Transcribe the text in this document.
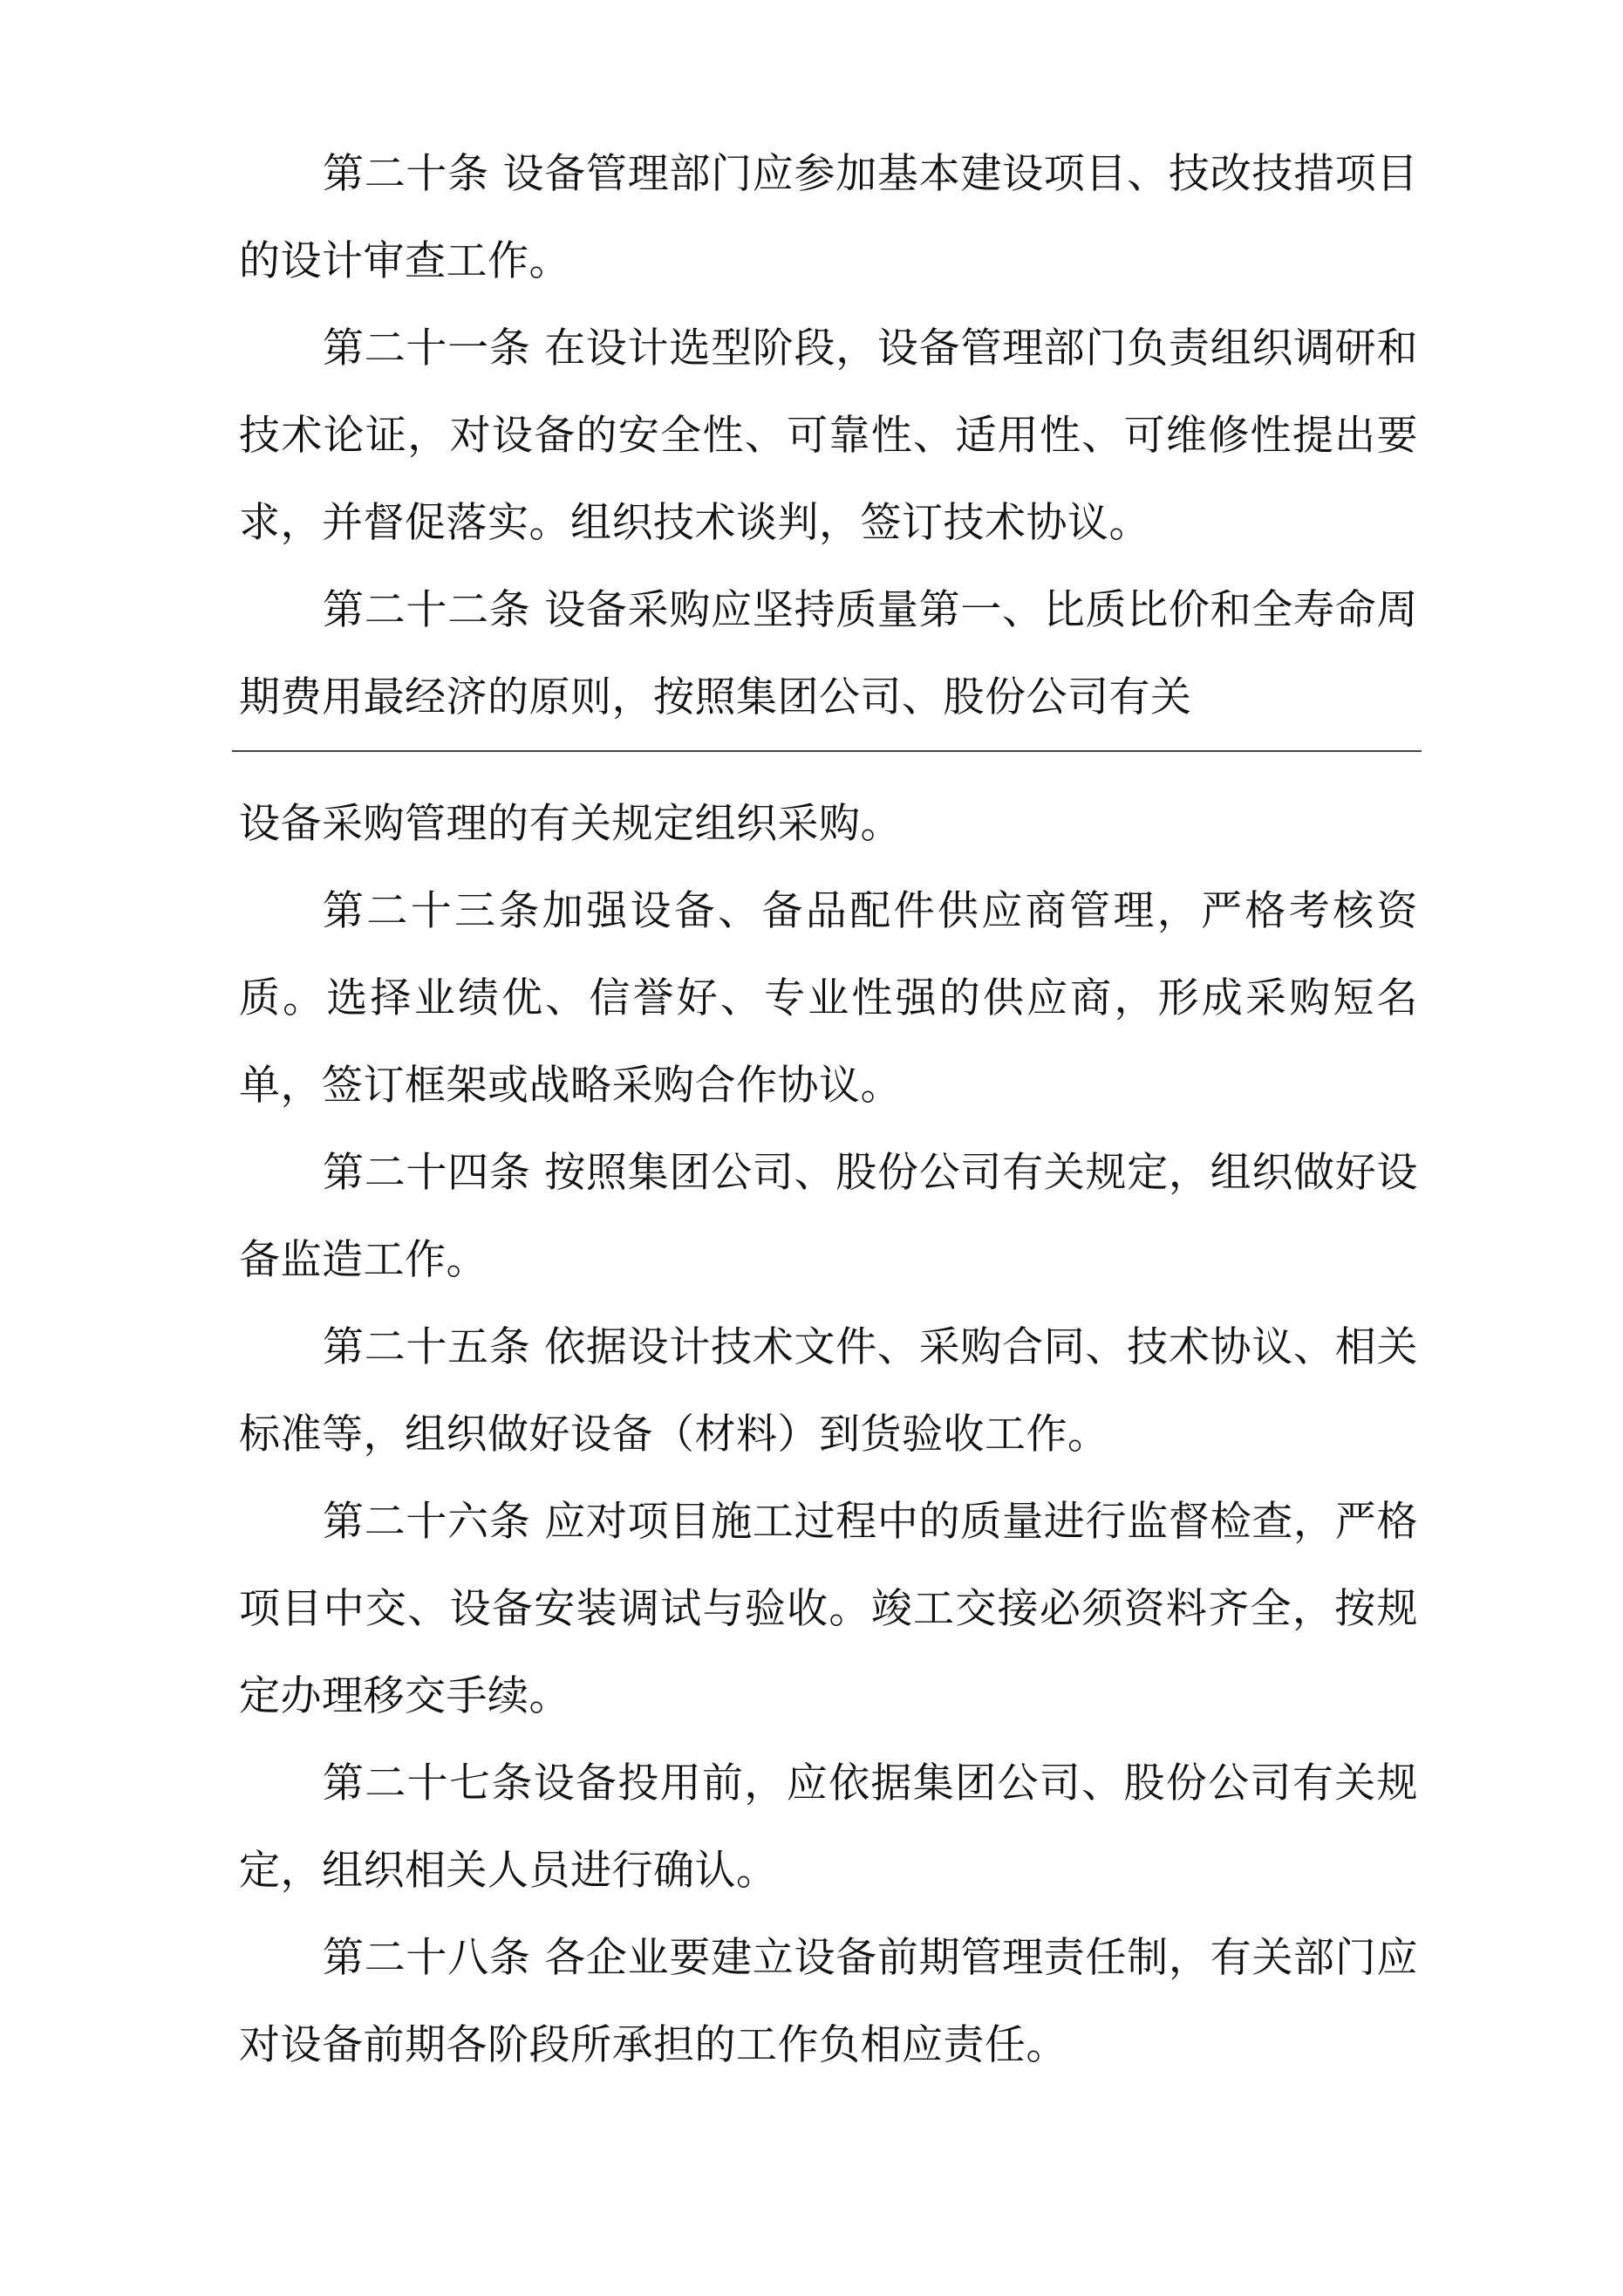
第二十条 设备管理部门应参加基本建设项目、技改技措项目的设计审查工作。

第二十一条 在设计选型阶段，设备管理部门负责组织调研和技术论证，对设备的安全性、可靠性、适用性、可维修性提出要求，并督促落实。组织技术谈判，签订技术协议。

第二十二条 设备采购应坚持质量第一、比质比价和全寿命周期费用最经济的原则，按照集团公司、股份公司有关

设备采购管理的有关规定组织采购。

第二十三条加强设备、备品配件供应商管理，严格考核资质。选择业绩优、信誉好、专业性强的供应商，形成采购短名单，签订框架或战略采购合作协议。

第二十四条 按照集团公司、股份公司有关规定，组织做好设备监造工作。

第二十五条 依据设计技术文件、采购合同、技术协议、相关标准等，组织做好设备（材料）到货验收工作。

第二十六条 应对项目施工过程中的质量进行监督检查，严格项目中交、设备安装调试与验收。竣工交接必须资料齐全，按规定办理移交手续。

第二十七条设备投用前，应依据集团公司、股份公司有关规定，组织相关人员进行确认。

第二十八条 各企业要建立设备前期管理责任制，有关部门应对设备前期各阶段所承担的工作负相应责任。
